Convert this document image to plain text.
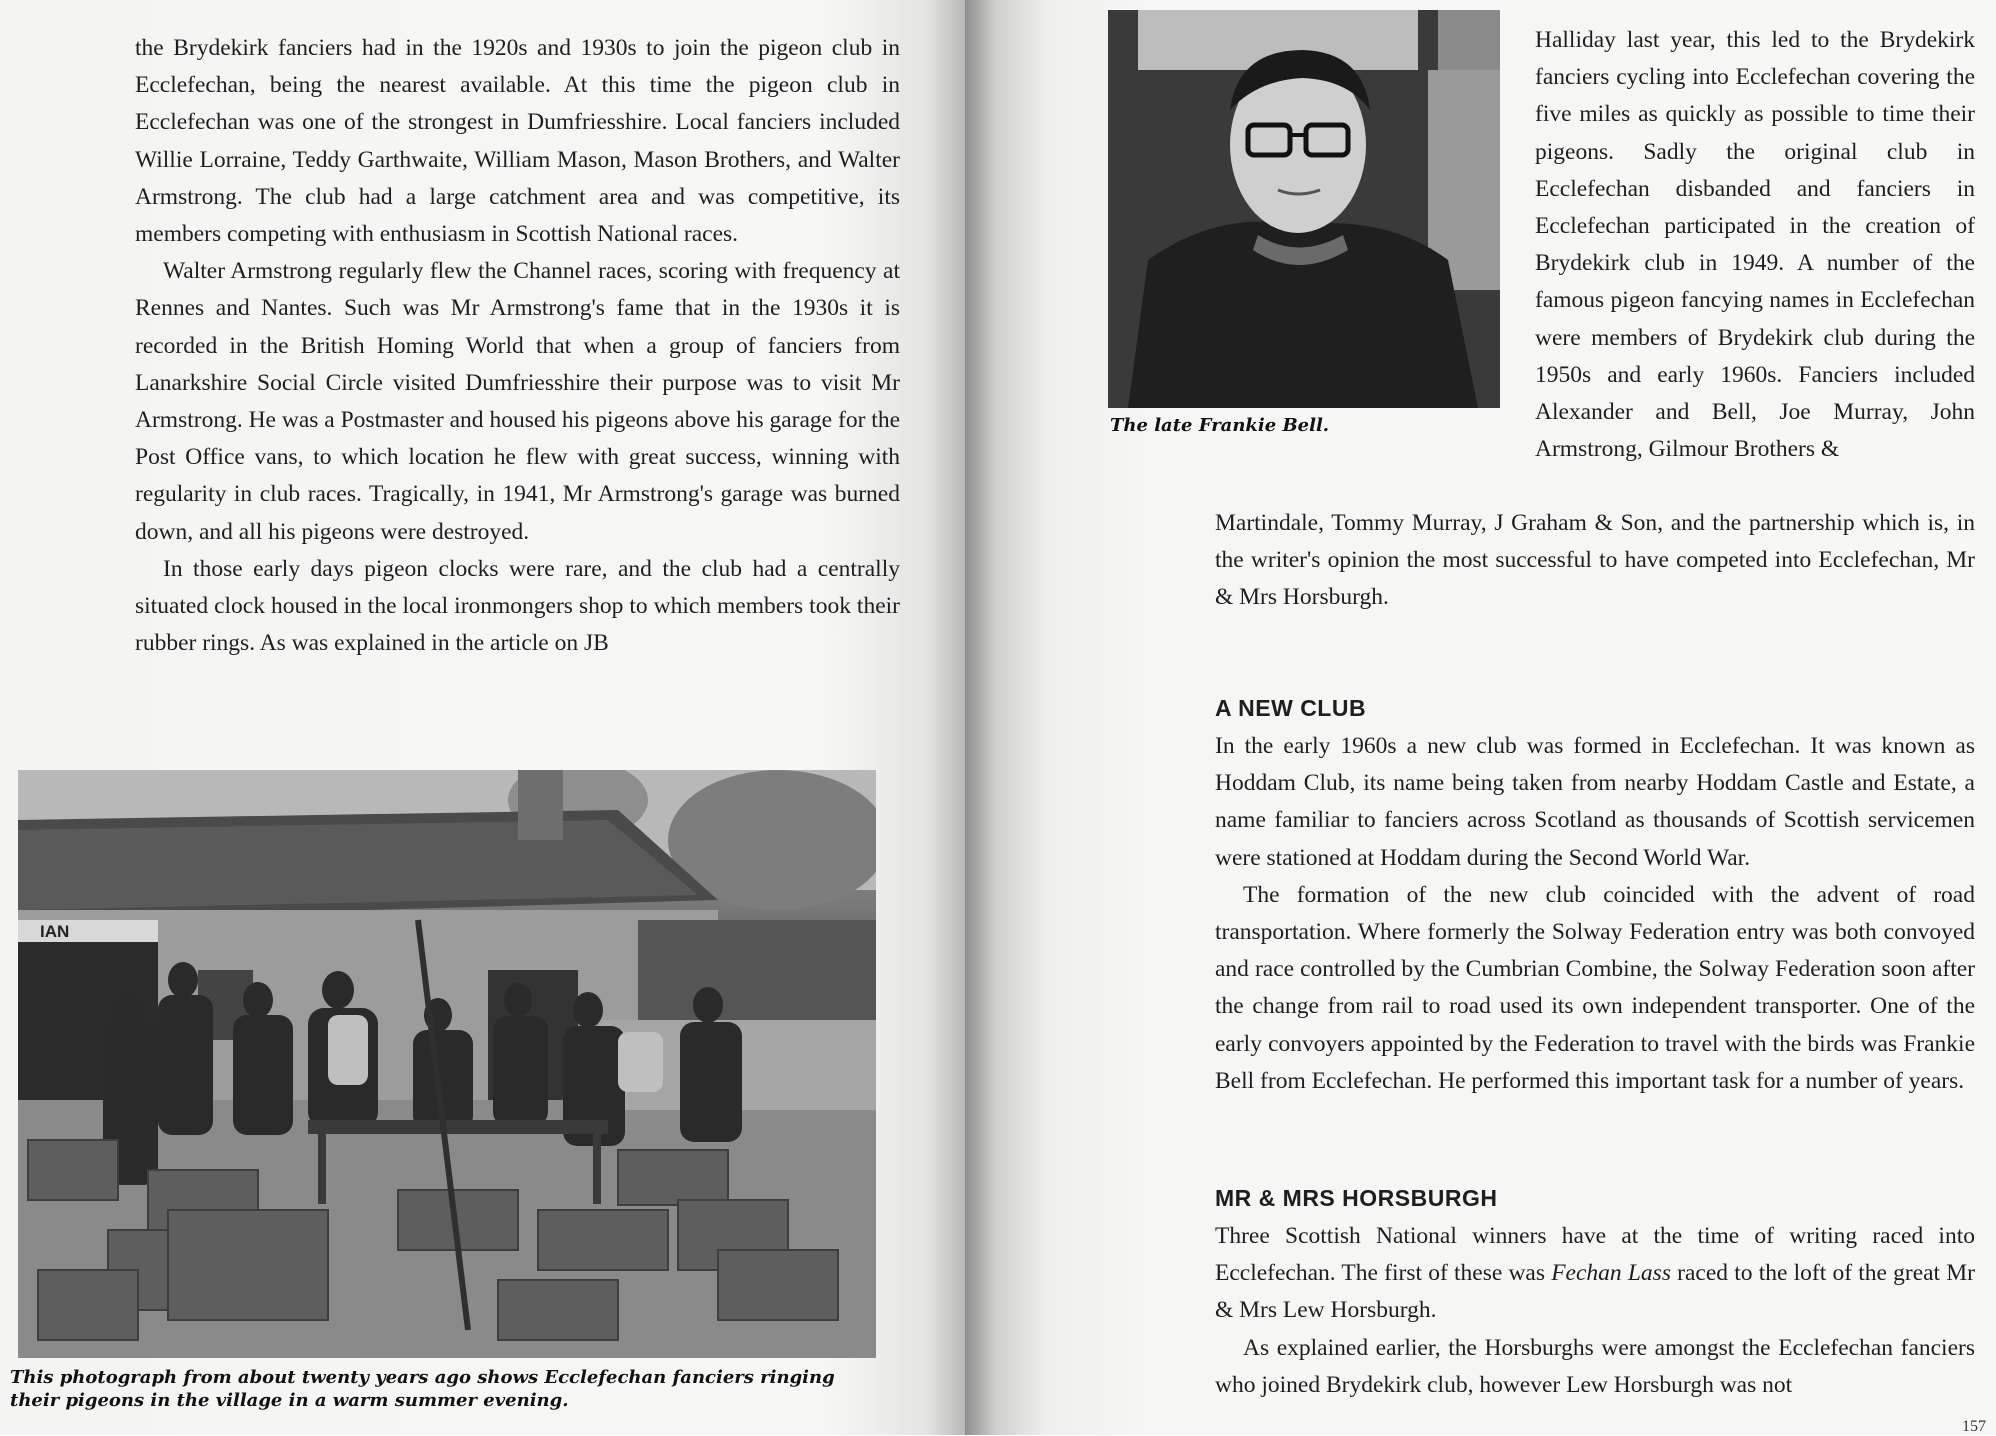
the Brydekirk fanciers had in the 1920s and 1930s to join the pigeon club in Ecclefechan, being the nearest available. At this time the pigeon club in Ecclefechan was one of the strongest in Dumfriesshire. Local fanciers included Willie Lorraine, Teddy Garthwaite, William Mason, Mason Brothers, and Walter Armstrong. The club had a large catchment area and was competitive, its members competing with enthusiasm in Scottish National races.

Walter Armstrong regularly flew the Channel races, scoring with frequency at Rennes and Nantes. Such was Mr Armstrong's fame that in the 1930s it is recorded in the British Homing World that when a group of fanciers from Lanarkshire Social Circle visited Dumfriesshire their purpose was to visit Mr Armstrong. He was a Postmaster and housed his pigeons above his garage for the Post Office vans, to which location he flew with great success, winning with regularity in club races. Tragically, in 1941, Mr Armstrong's garage was burned down, and all his pigeons were destroyed.

In those early days pigeon clocks were rare, and the club had a centrally situated clock housed in the local ironmongers shop to which members took their rubber rings. As was explained in the article on JB

IAN
This photograph from about twenty years ago shows Ecclefechan fanciers ringing their pigeons in the village in a warm summer evening.
The late Frankie Bell.

Halliday last year, this led to the Brydekirk fanciers cycling into Ecclefechan covering the five miles as quickly as possible to time their pigeons. Sadly the original club in Ecclefechan disbanded and fanciers in Ecclefechan participated in the creation of Brydekirk club in 1949. A number of the famous pigeon fancying names in Ecclefechan were members of Brydekirk club during the 1950s and early 1960s. Fanciers included Alexander and Bell, Joe Murray, John Armstrong, Gilmour Brothers &

Martindale, Tommy Murray, J Graham & Son, and the partnership which is, in the writer's opinion the most successful to have competed into Ecclefechan, Mr & Mrs Horsburgh.

A NEW CLUB

In the early 1960s a new club was formed in Ecclefechan. It was known as Hoddam Club, its name being taken from nearby Hoddam Castle and Estate, a name familiar to fanciers across Scotland as thousands of Scottish servicemen were stationed at Hoddam during the Second World War.

The formation of the new club coincided with the advent of road transportation. Where formerly the Solway Federation entry was both convoyed and race controlled by the Cumbrian Combine, the Solway Federation soon after the change from rail to road used its own independent transporter. One of the early convoyers appointed by the Federation to travel with the birds was Frankie Bell from Ecclefechan. He performed this important task for a number of years.

MR & MRS HORSBURGH

Three Scottish National winners have at the time of writing raced into Ecclefechan. The first of these was Fechan Lass raced to the loft of the great Mr & Mrs Lew Horsburgh.

As explained earlier, the Horsburghs were amongst the Ecclefechan fanciers who joined Brydekirk club, however Lew Horsburgh was not

157
